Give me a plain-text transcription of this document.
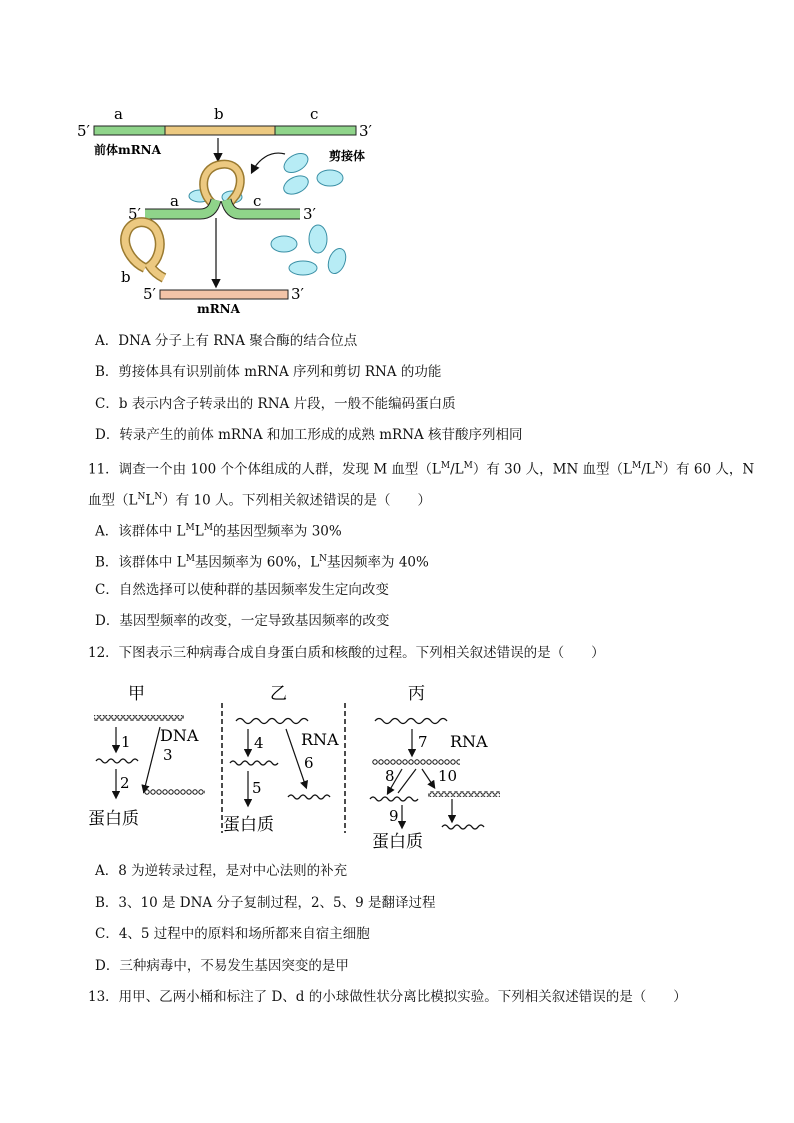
a	b	c
5′	3′
前体mRNA	剪接体
5′
a	c
3′
b
5′	3′
mRNA
A．DNA 分子上有 RNA 聚合酶的结合位点
B．剪接体具有识别前体 mRNA 序列和剪切 RNA 的功能
C．b 表示内含子转录出的 RNA 片段，一般不能编码蛋白质
D．转录产生的前体 mRNA 和加工形成的成熟 mRNA 核苷酸序列相同
11．调查一个由 100 个个体组成的人群，发现 M 血型$(L^M/L^M)$有 30 人，MN 血型$(L^M/L^N)$有 60 人，N
血型$(L^NL^N)$有 10 人。下列相关叙述错误的是（　　）
A．该群体中 $L^ML^M$的基因型频率为 30%
B．该群体中 $L^M$基因频率为 60%，$L^N$基因频率为 40%
C．自然选择可以使种群的基因频率发生定向改变
D．基因型频率的改变，一定导致基因频率的改变
12．下图表示三种病毒合成自身蛋白质和核酸的过程。下列相关叙述错误的是（　　）
甲	乙	丙
1 DNA
3
2
蛋白质
4 RNA
6
5
蛋白质
7 RNA
8	10
9
蛋白质
A．8 为逆转录过程，是对中心法则的补充
B．3、10 是 DNA 分子复制过程，2、5、9 是翻译过程
C．4、5 过程中的原料和场所都来自宿主细胞
D．三种病毒中，不易发生基因突变的是甲
13．用甲、乙两小桶和标注了 D、d 的小球做性状分离比模拟实验。下列相关叙述错误的是（　　）
